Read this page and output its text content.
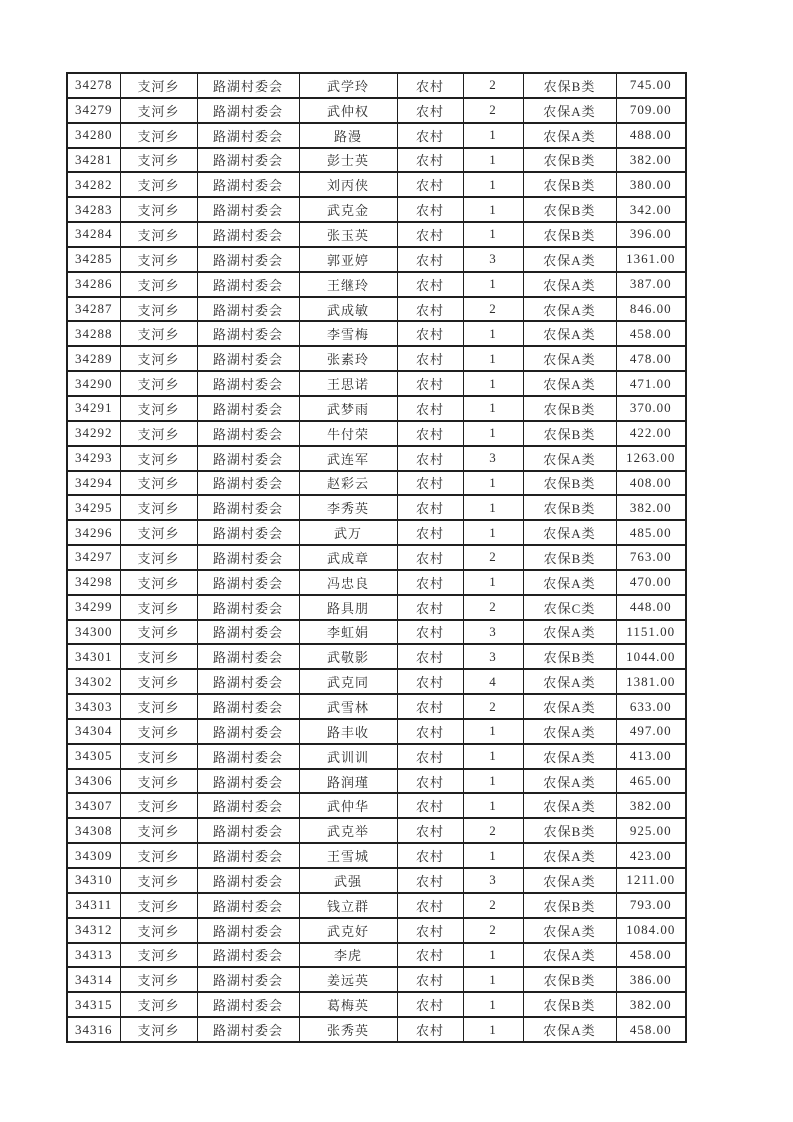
34278	支河乡	路湖村委会	武学玲	农村	2	农保B类	745.00
34279	支河乡	路湖村委会	武仲权	农村	2	农保A类	709.00
34280	支河乡	路湖村委会	路漫	农村	1	农保A类	488.00
34281	支河乡	路湖村委会	彭士英	农村	1	农保B类	382.00
34282	支河乡	路湖村委会	刘丙侠	农村	1	农保B类	380.00
34283	支河乡	路湖村委会	武克金	农村	1	农保B类	342.00
34284	支河乡	路湖村委会	张玉英	农村	1	农保B类	396.00
34285	支河乡	路湖村委会	郭亚婷	农村	3	农保A类	1361.00
34286	支河乡	路湖村委会	王继玲	农村	1	农保A类	387.00
34287	支河乡	路湖村委会	武成敏	农村	2	农保A类	846.00
34288	支河乡	路湖村委会	李雪梅	农村	1	农保A类	458.00
34289	支河乡	路湖村委会	张素玲	农村	1	农保A类	478.00
34290	支河乡	路湖村委会	王思诺	农村	1	农保A类	471.00
34291	支河乡	路湖村委会	武梦雨	农村	1	农保B类	370.00
34292	支河乡	路湖村委会	牛付荣	农村	1	农保B类	422.00
34293	支河乡	路湖村委会	武连军	农村	3	农保A类	1263.00
34294	支河乡	路湖村委会	赵彩云	农村	1	农保B类	408.00
34295	支河乡	路湖村委会	李秀英	农村	1	农保B类	382.00
34296	支河乡	路湖村委会	武万	农村	1	农保A类	485.00
34297	支河乡	路湖村委会	武成章	农村	2	农保B类	763.00
34298	支河乡	路湖村委会	冯忠良	农村	1	农保A类	470.00
34299	支河乡	路湖村委会	路具朋	农村	2	农保C类	448.00
34300	支河乡	路湖村委会	李虹娟	农村	3	农保A类	1151.00
34301	支河乡	路湖村委会	武敬影	农村	3	农保B类	1044.00
34302	支河乡	路湖村委会	武克同	农村	4	农保A类	1381.00
34303	支河乡	路湖村委会	武雪林	农村	2	农保A类	633.00
34304	支河乡	路湖村委会	路丰收	农村	1	农保A类	497.00
34305	支河乡	路湖村委会	武训训	农村	1	农保A类	413.00
34306	支河乡	路湖村委会	路润瑾	农村	1	农保A类	465.00
34307	支河乡	路湖村委会	武仲华	农村	1	农保A类	382.00
34308	支河乡	路湖村委会	武克举	农村	2	农保B类	925.00
34309	支河乡	路湖村委会	王雪城	农村	1	农保A类	423.00
34310	支河乡	路湖村委会	武强	农村	3	农保A类	1211.00
34311	支河乡	路湖村委会	钱立群	农村	2	农保B类	793.00
34312	支河乡	路湖村委会	武克好	农村	2	农保A类	1084.00
34313	支河乡	路湖村委会	李虎	农村	1	农保A类	458.00
34314	支河乡	路湖村委会	姜远英	农村	1	农保B类	386.00
34315	支河乡	路湖村委会	葛梅英	农村	1	农保B类	382.00
34316	支河乡	路湖村委会	张秀英	农村	1	农保A类	458.00
